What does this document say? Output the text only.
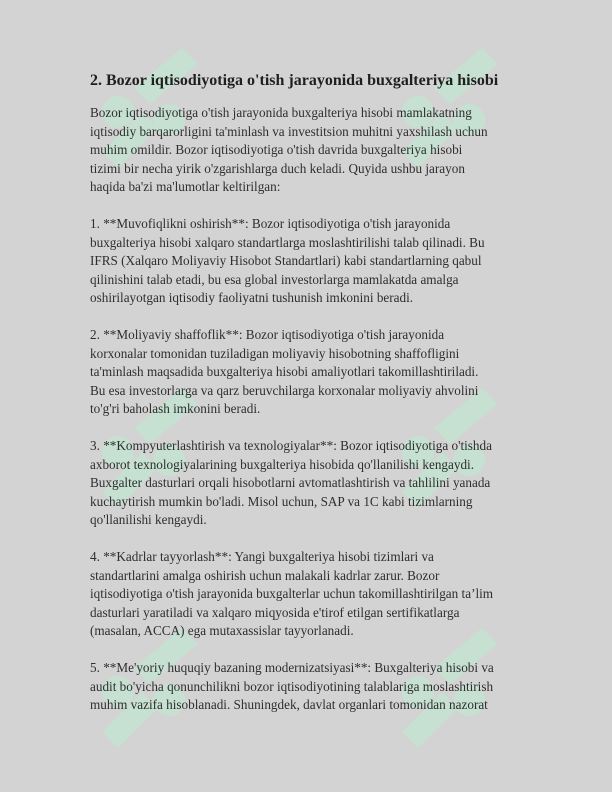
2. Bozor iqtisodiyotiga o'tish jarayonida buxgalteriya hisobi

Bozor iqtisodiyotiga o'tish jarayonida buxgalteriya hisobi mamlakatning
iqtisodiy barqarorligini ta'minlash va investitsion muhitni yaxshilash uchun
muhim omildir. Bozor iqtisodiyotiga o'tish davrida buxgalteriya hisobi
tizimi bir necha yirik o'zgarishlarga duch keladi. Quyida ushbu jarayon
haqida ba'zi ma'lumotlar keltirilgan:

1. **Muvofiqlikni oshirish**: Bozor iqtisodiyotiga o'tish jarayonida
buxgalteriya hisobi xalqaro standartlarga moslashtirilishi talab qilinadi. Bu
IFRS (Xalqaro Moliyaviy Hisobot Standartlari) kabi standartlarning qabul
qilinishini talab etadi, bu esa global investorlarga mamlakatda amalga
oshirilayotgan iqtisodiy faoliyatni tushunish imkonini beradi.

2. **Moliyaviy shaffoflik**: Bozor iqtisodiyotiga o'tish jarayonida
korxonalar tomonidan tuziladigan moliyaviy hisobotning shaffofligini
ta'minlash maqsadida buxgalteriya hisobi amaliyotlari takomillashtiriladi.
Bu esa investorlarga va qarz beruvchilarga korxonalar moliyaviy ahvolini
to'g'ri baholash imkonini beradi.

3. **Kompyuterlashtirish va texnologiyalar**: Bozor iqtisodiyotiga o'tishda
axborot texnologiyalarining buxgalteriya hisobida qo'llanilishi kengaydi.
Buxgalter dasturlari orqali hisobotlarni avtomatlashtirish va tahlilini yanada
kuchaytirish mumkin bo'ladi. Misol uchun, SAP va 1C kabi tizimlarning
qo'llanilishi kengaydi.

4. **Kadrlar tayyorlash**: Yangi buxgalteriya hisobi tizimlari va
standartlarini amalga oshirish uchun malakali kadrlar zarur. Bozor
iqtisodiyotiga o'tish jarayonida buxgalterlar uchun takomillashtirilgan ta’lim
dasturlari yaratiladi va xalqaro miqyosida e'tirof etilgan sertifikatlarga
(masalan, ACCA) ega mutaxassislar tayyorlanadi.

5. **Me'yoriy huquqiy bazaning modernizatsiyasi**: Buxgalteriya hisobi va
audit bo'yicha qonunchilikni bozor iqtisodiyotining talablariga moslashtirish
muhim vazifa hisoblanadi. Shuningdek, davlat organlari tomonidan nazorat
